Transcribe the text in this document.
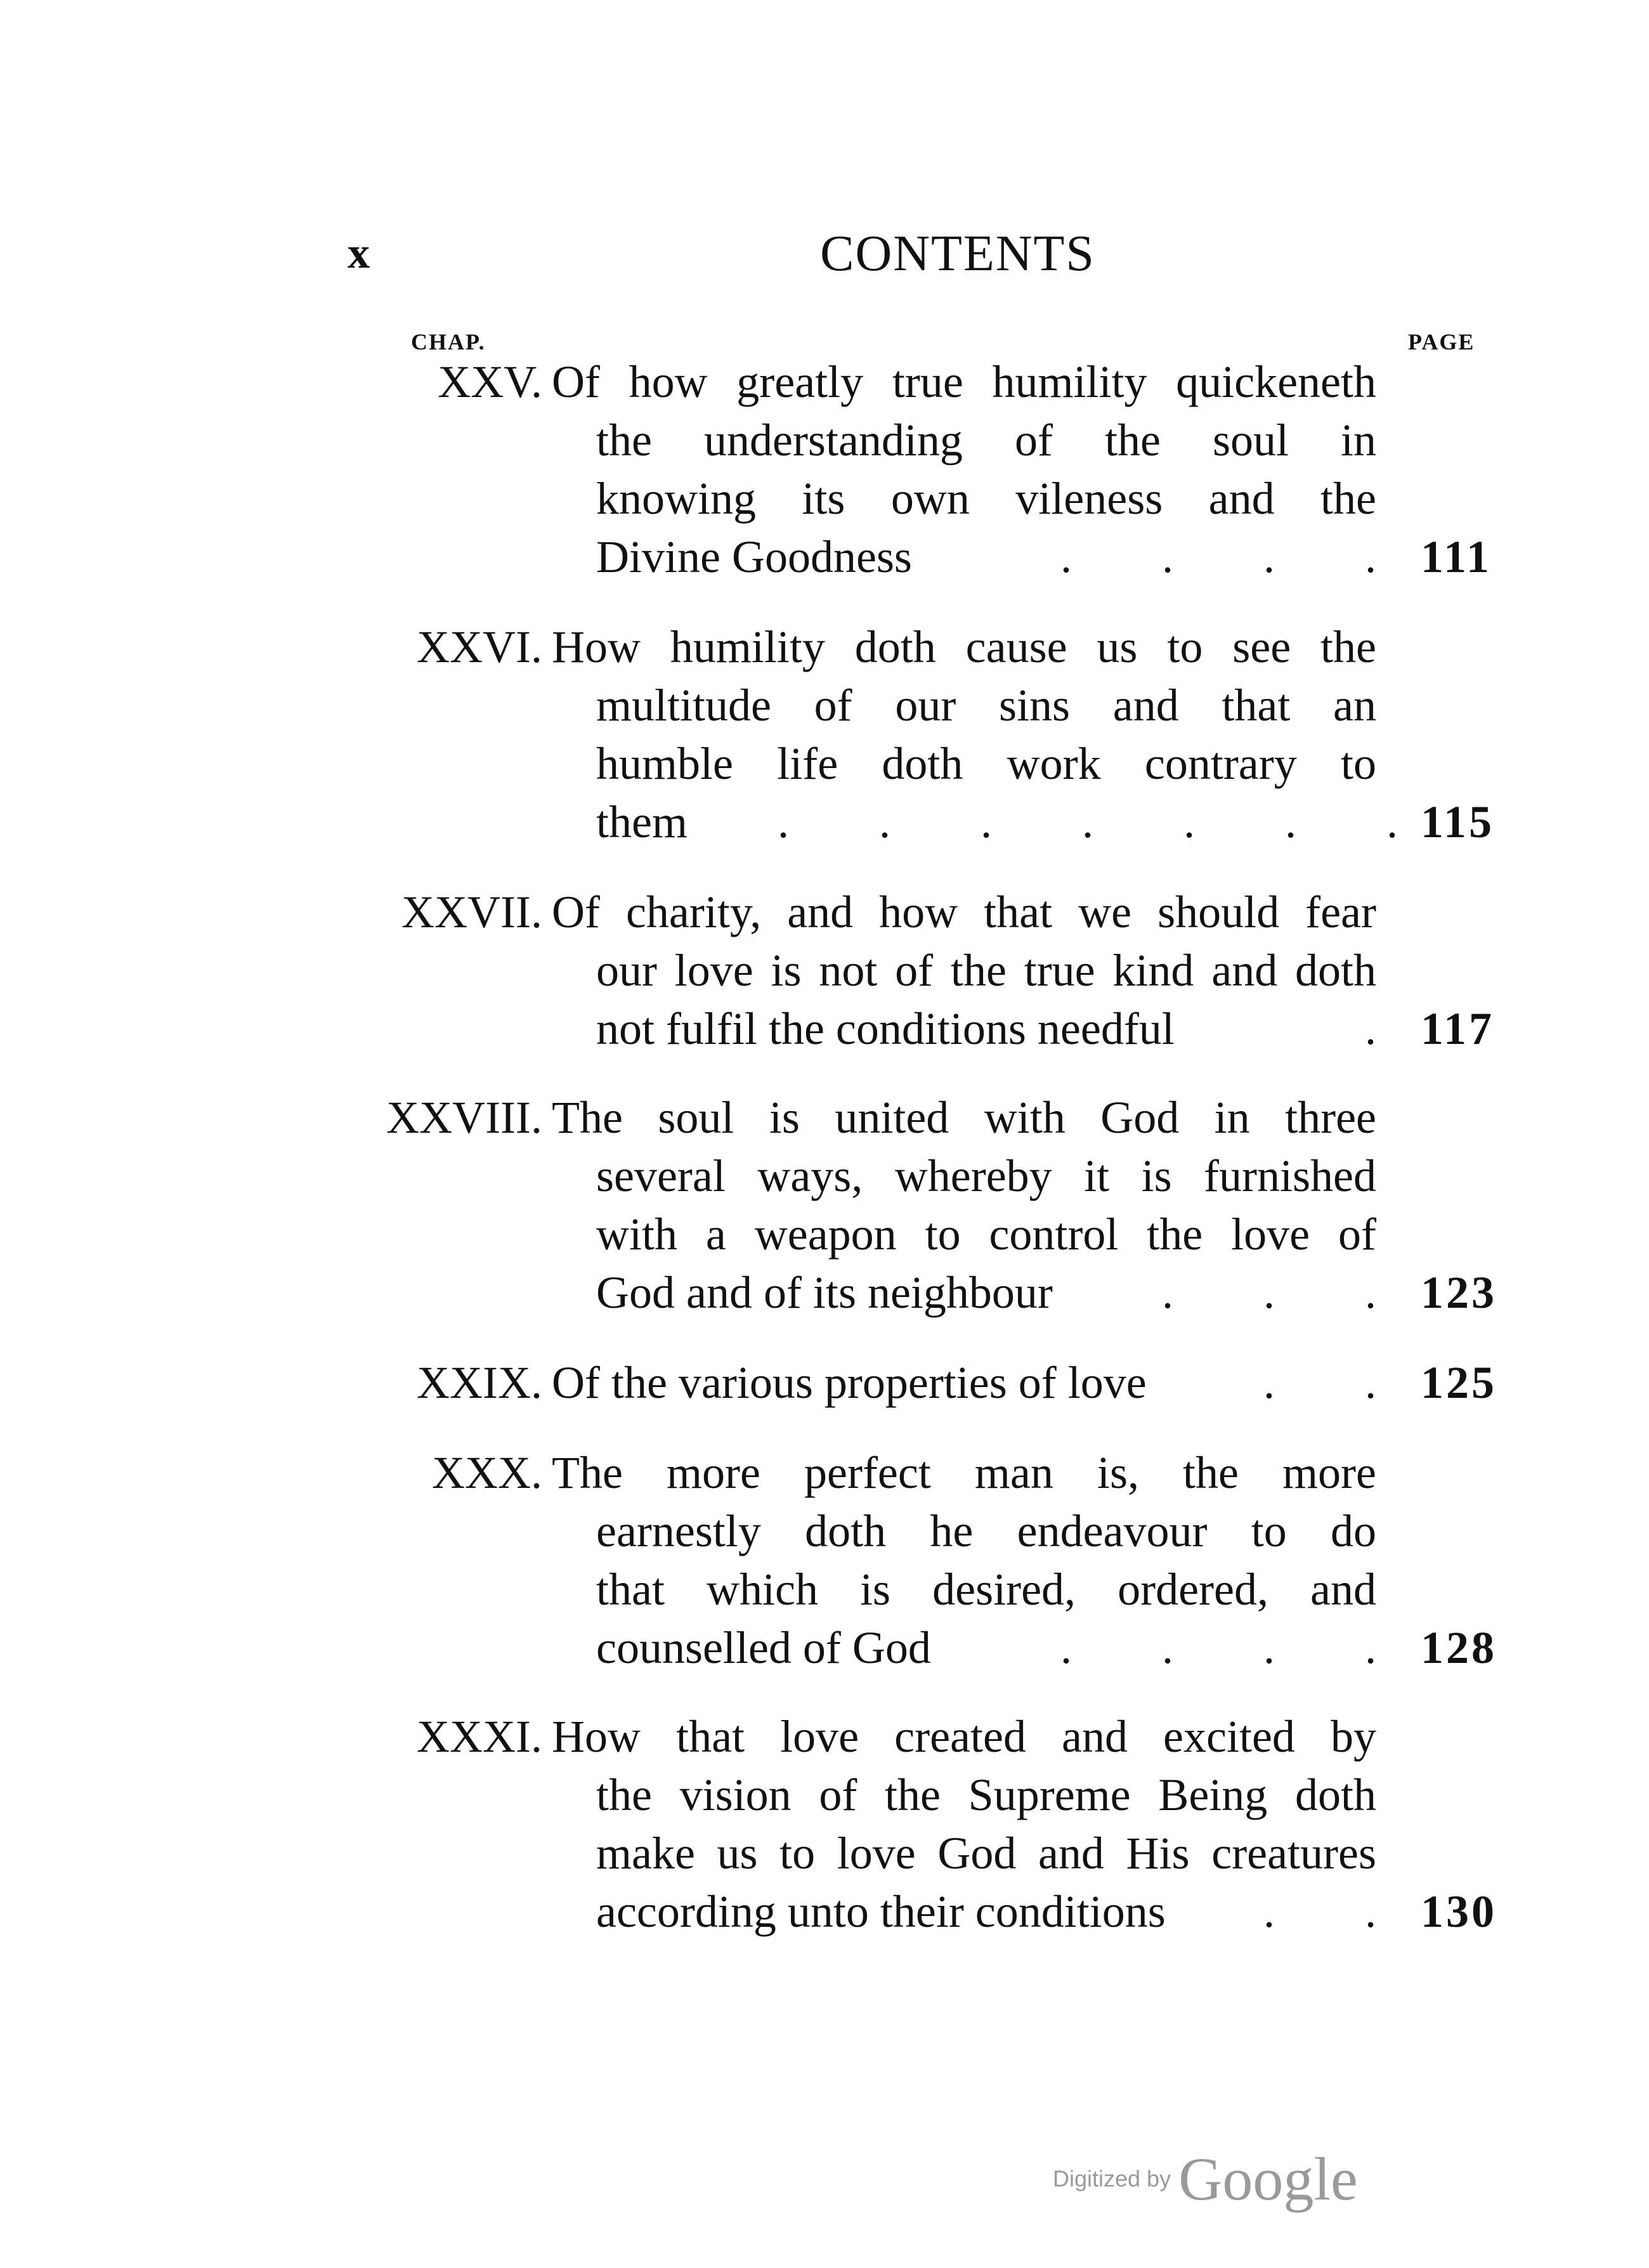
x	CONTENTS
CHAP.	PAGE
XXV. Of how greatly true humility quickeneth
the understanding of the soul in
knowing its own vileness and the
Divine Goodness	.	.	.	. 111
XXVI. How humility doth cause us to see the
multitude of our sins and that an
humble life doth work contrary to
them	.	.	.	.	.	.	. 115
XXVII. Of charity, and how that we should fear
our love is not of the true kind and doth
not fulfil the conditions needful	. 117
XXVIII. The soul is united with God in three
several ways, whereby it is furnished
with a weapon to control the love of
God and of its neighbour	.	.	. 123
XXIX. Of the various properties of love	.	. 125
XXX. The more perfect man is, the more
earnestly doth he endeavour to do
that which is desired, ordered, and
counselled of God	.	.	.	. 128
XXXI. How that love created and excited by
the vision of the Supreme Being doth
make us to love God and His creatures
according unto their conditions	.	. 130
Digitized by Google
